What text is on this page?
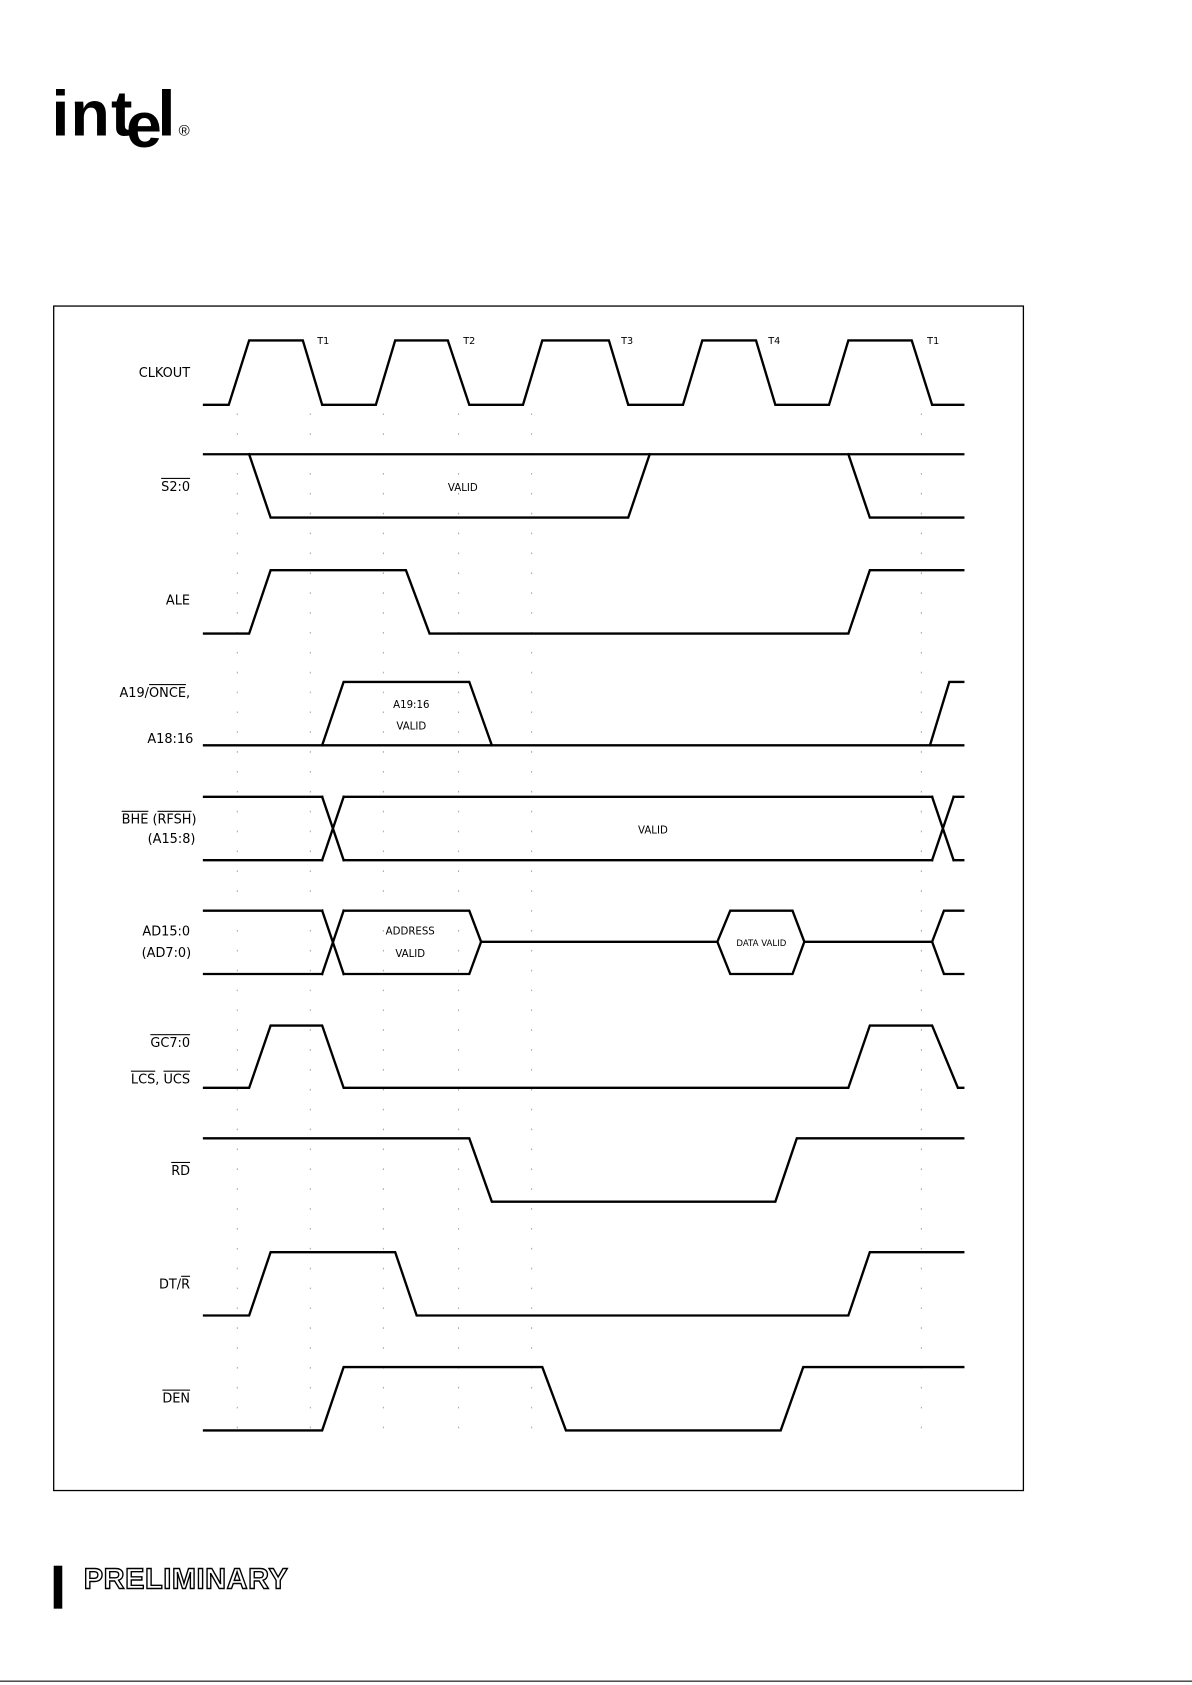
intel ®
T1	T2	T3	T4	T1
VALID
A19:16
VALID
VALID
ADDRESS
VALID
DATA VALID
CLKOUT
S2:0
ALE
A19/ONCE,
A18:16
$\overline{BHE}$ (RFSH)
(A15:8)
AD15:0
(AD7:0)
GC7:0
$\overline{LCS}$, $\overline{UCS}$
$\overline{RD}$
$DT/\overline{R}$
$\overline{DEN}$
PRELIMINARY
